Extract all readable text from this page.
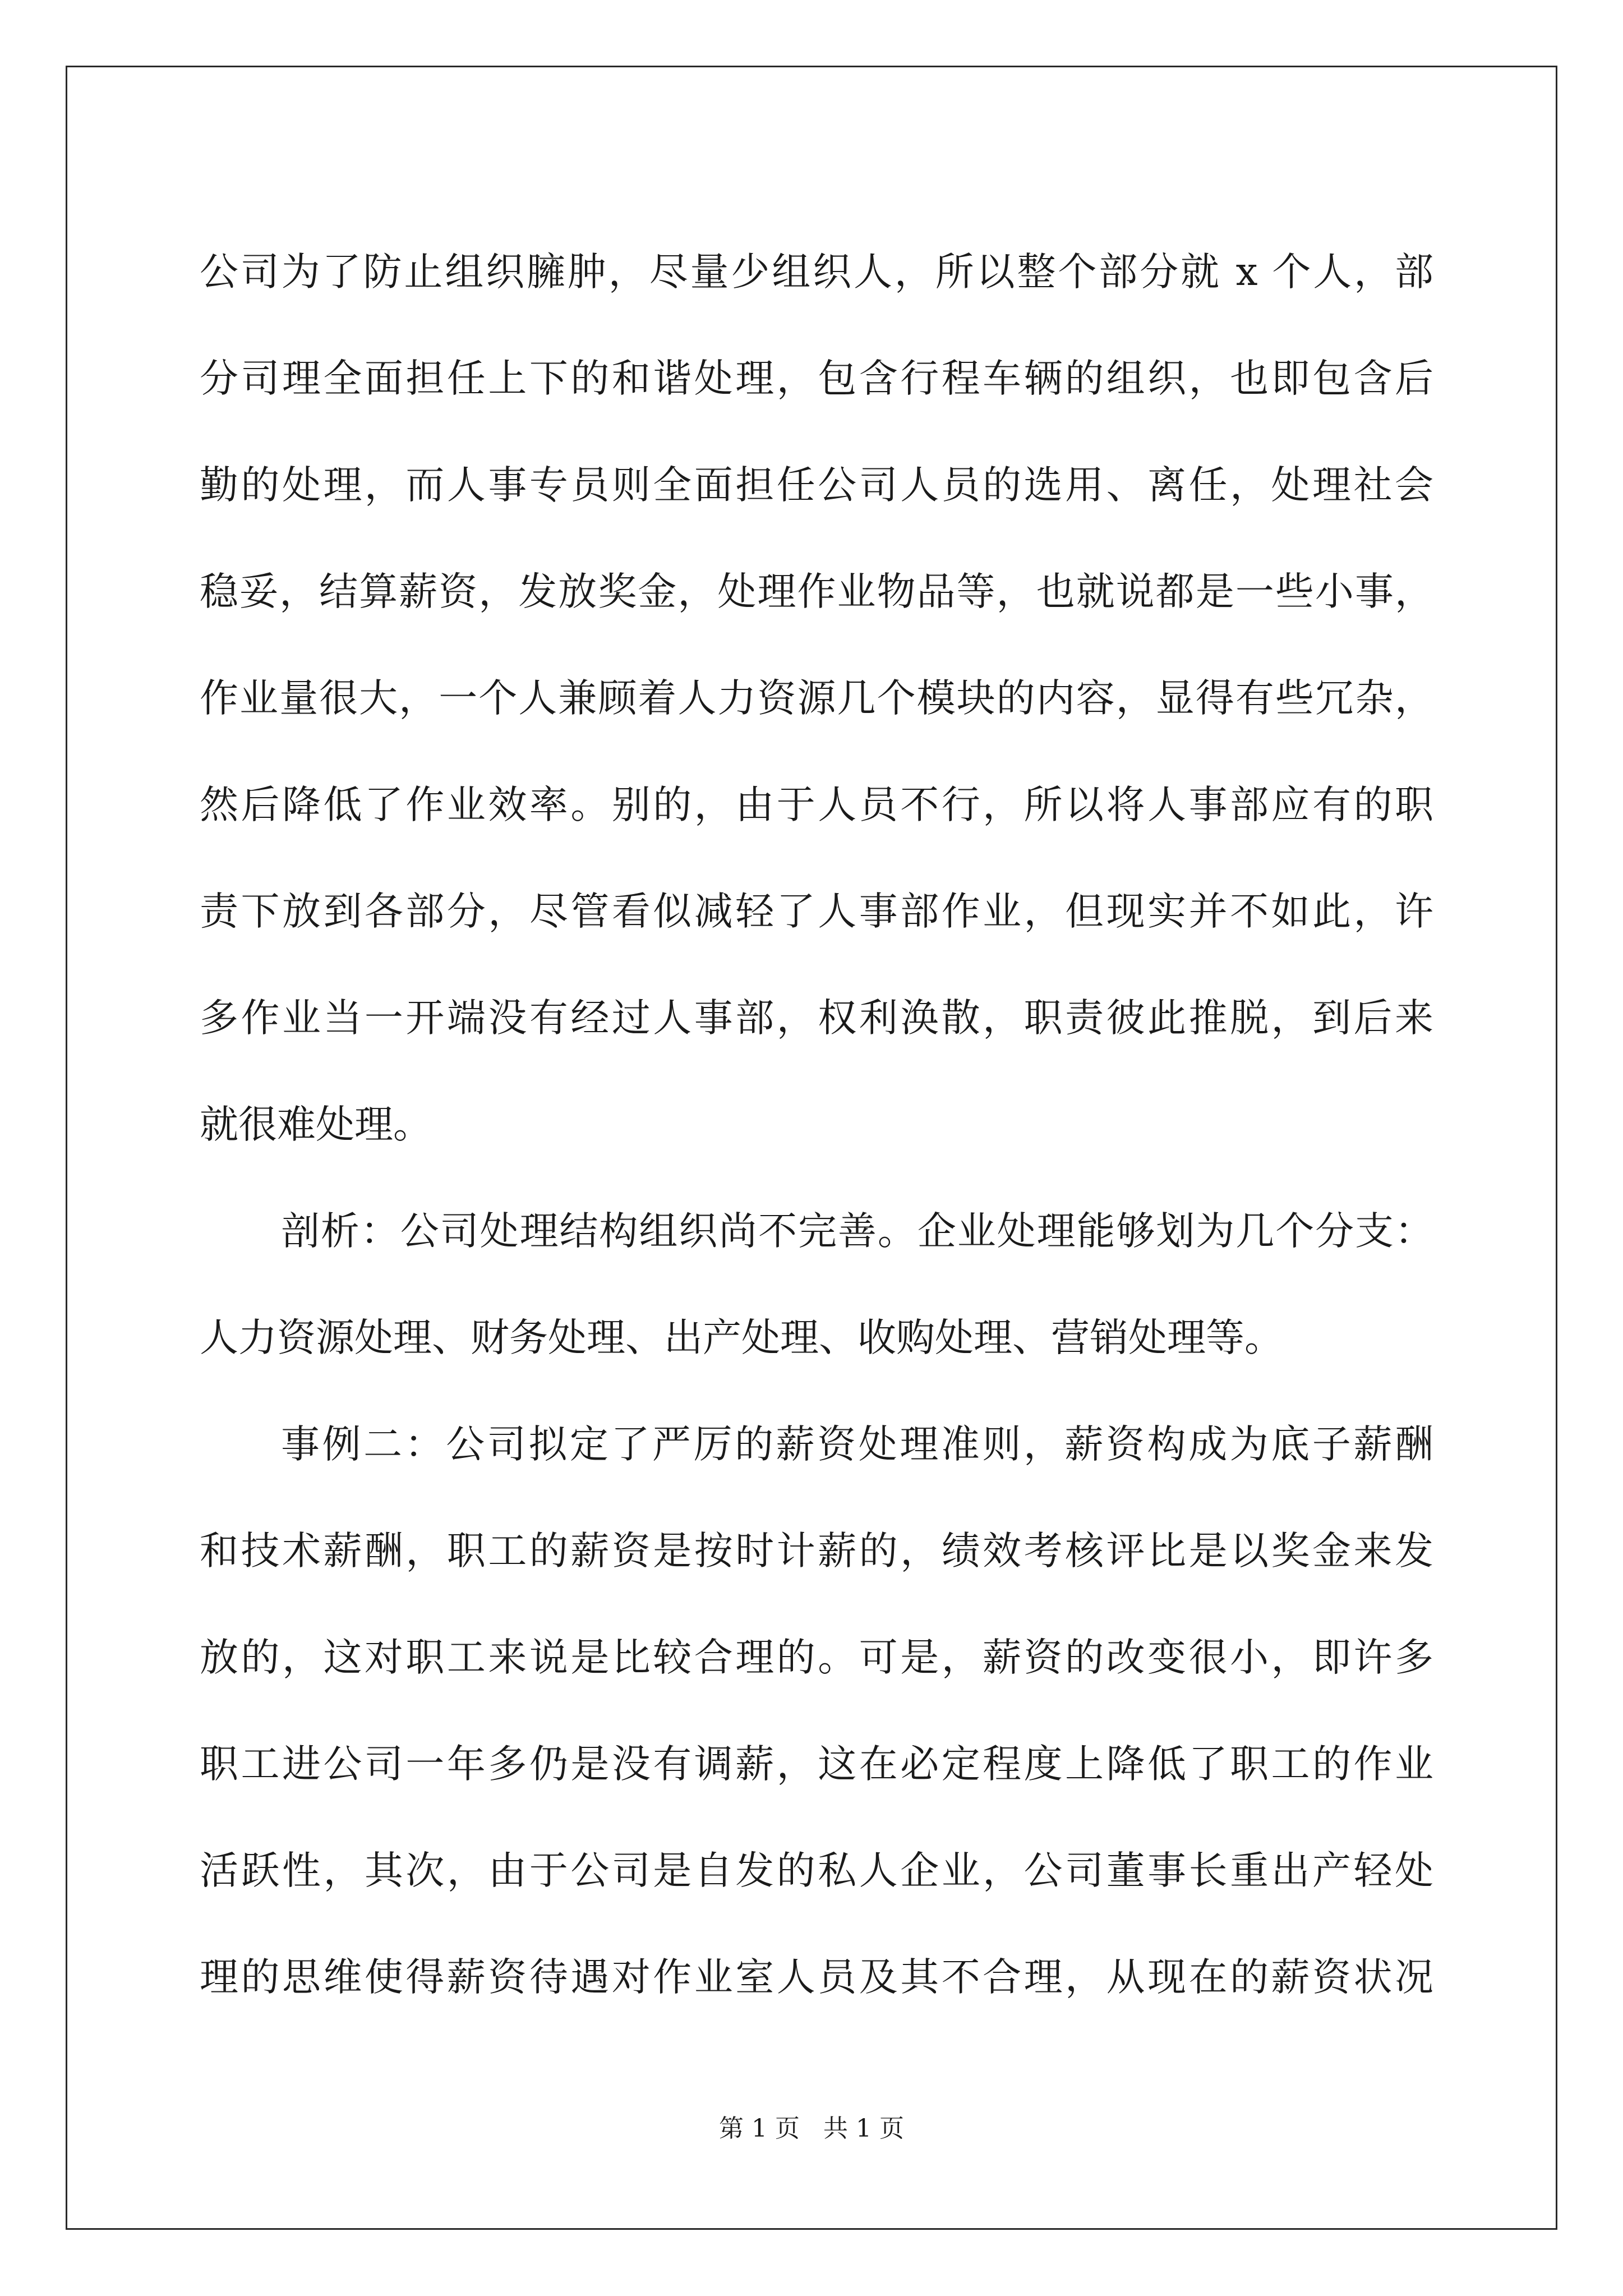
公司为了防止组织臃肿，尽量少组织人，所以整个部分就 x 个人，部
分司理全面担任上下的和谐处理，包含行程车辆的组织，也即包含后
勤的处理，而人事专员则全面担任公司人员的选用、离任，处理社会
稳妥，结算薪资，发放奖金，处理作业物品等，也就说都是一些小事，
作业量很大，一个人兼顾着人力资源几个模块的内容，显得有些冗杂，
然后降低了作业效率。别的，由于人员不行，所以将人事部应有的职
责下放到各部分，尽管看似减轻了人事部作业，但现实并不如此，许
多作业当一开端没有经过人事部，权利涣散，职责彼此推脱，到后来
就很难处理。
剖析：公司处理结构组织尚不完善。企业处理能够划为几个分支：
人力资源处理、财务处理、出产处理、收购处理、营销处理等。
事例二：公司拟定了严厉的薪资处理准则，薪资构成为底子薪酬
和技术薪酬，职工的薪资是按时计薪的，绩效考核评比是以奖金来发
放的，这对职工来说是比较合理的。可是，薪资的改变很小，即许多
职工进公司一年多仍是没有调薪，这在必定程度上降低了职工的作业
活跃性，其次，由于公司是自发的私人企业，公司董事长重出产轻处
理的思维使得薪资待遇对作业室人员及其不合理，从现在的薪资状况
第 1 页 共 1 页
